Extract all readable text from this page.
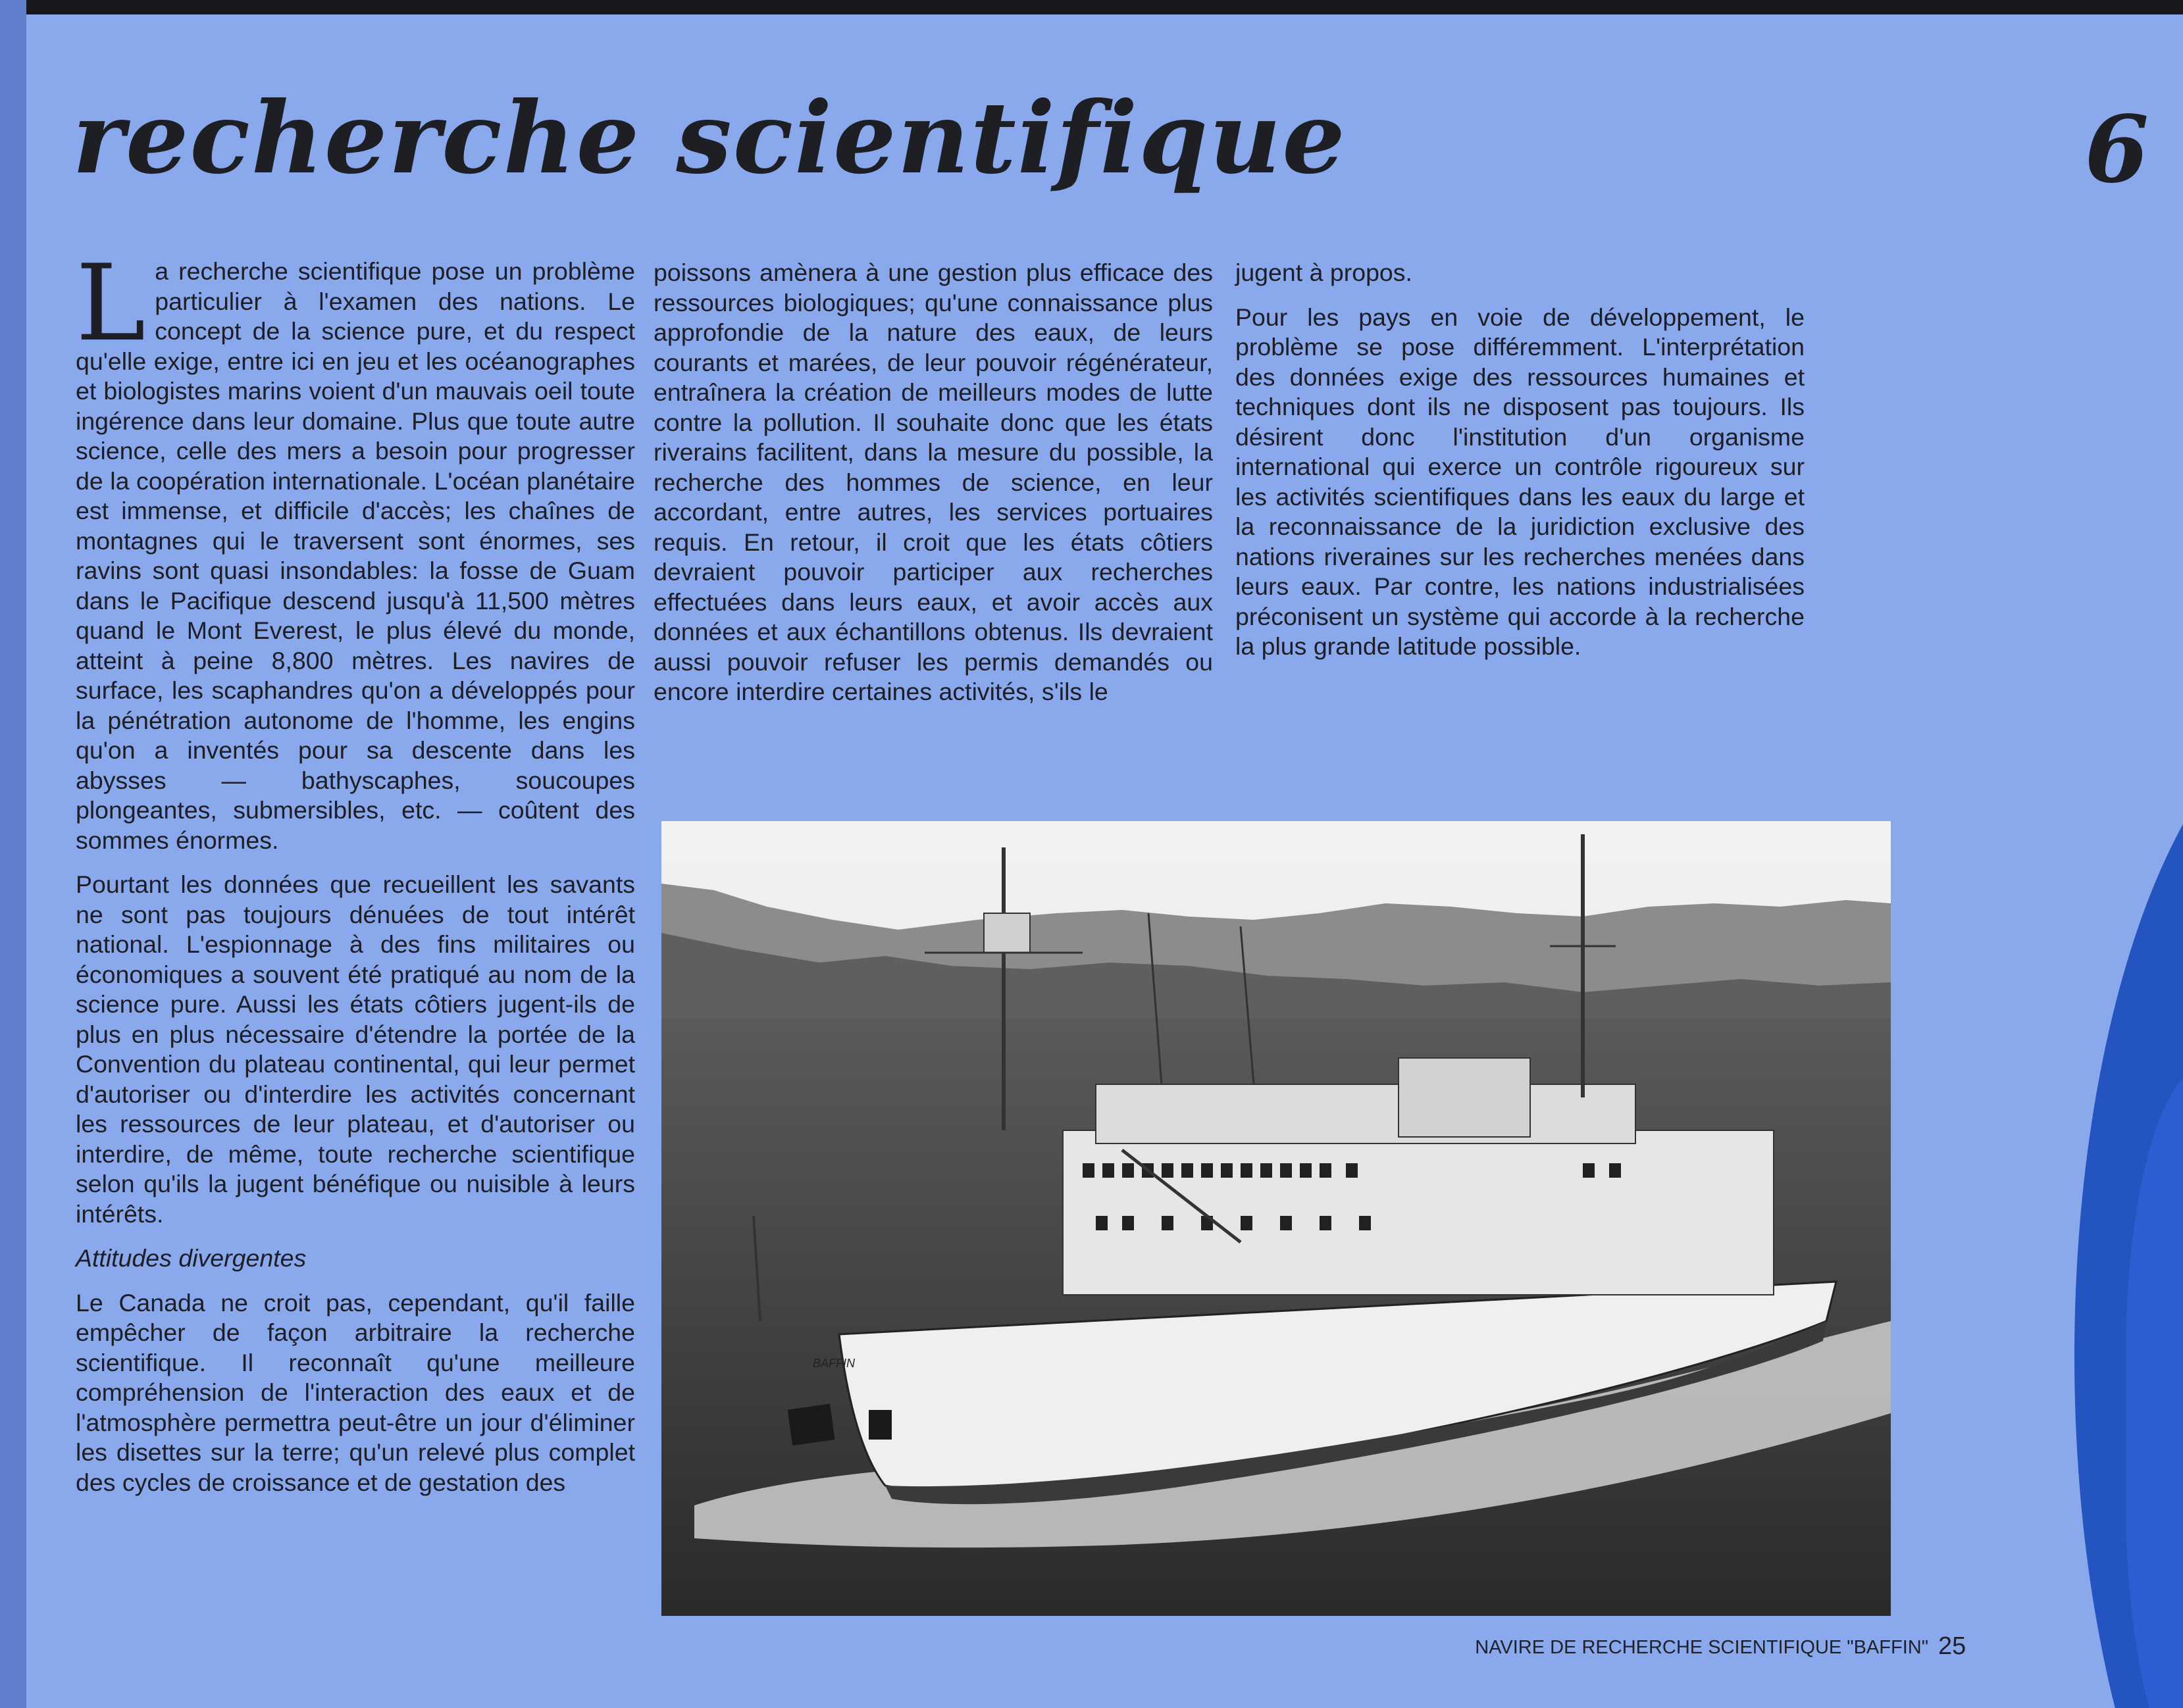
recherche scientifique	6

La recherche scientifique pose un problème particulier à l'examen des nations. Le concept de la science pure, et du respect qu'elle exige, entre ici en jeu et les océanographes et biologistes marins voient d'un mauvais oeil toute ingérence dans leur domaine. Plus que toute autre science, celle des mers a besoin pour progresser de la coopération internationale. L'océan planétaire est immense, et difficile d'accès; les chaînes de montagnes qui le traversent sont énormes, ses ravins sont quasi insondables: la fosse de Guam dans le Pacifique descend jusqu'à 11,500 mètres quand le Mont Everest, le plus élevé du monde, atteint à peine 8,800 mètres. Les navires de surface, les scaphandres qu'on a développés pour la pénétration autonome de l'homme, les engins qu'on a inventés pour sa descente dans les abysses — bathyscaphes, soucoupes plongeantes, submersibles, etc. — coûtent des sommes énormes.

Pourtant les données que recueillent les savants ne sont pas toujours dénuées de tout intérêt national. L'espionnage à des fins militaires ou économiques a souvent été pratiqué au nom de la science pure. Aussi les états côtiers jugent-ils de plus en plus nécessaire d'étendre la portée de la Convention du plateau continental, qui leur permet d'autoriser ou d'interdire les activités concernant les ressources de leur plateau, et d'autoriser ou interdire, de même, toute recherche scientifique selon qu'ils la jugent bénéfique ou nuisible à leurs intérêts.

Attitudes divergentes

Le Canada ne croit pas, cependant, qu'il faille empêcher de façon arbitraire la recherche scientifique. Il reconnaît qu'une meilleure compréhension de l'interaction des eaux et de l'atmosphère permettra peut-être un jour d'éliminer les disettes sur la terre; qu'un relevé plus complet des cycles de croissance et de gestation des

poissons amènera à une gestion plus efficace des ressources biologiques; qu'une connaissance plus approfondie de la nature des eaux, de leurs courants et marées, de leur pouvoir régénérateur, entraînera la création de meilleurs modes de lutte contre la pollution. Il souhaite donc que les états riverains facilitent, dans la mesure du possible, la recherche des hommes de science, en leur accordant, entre autres, les services portuaires requis. En retour, il croit que les états côtiers devraient pouvoir participer aux recherches effectuées dans leurs eaux, et avoir accès aux données et aux échantillons obtenus. Ils devraient aussi pouvoir refuser les permis demandés ou encore interdire certaines activités, s'ils le

jugent à propos.

Pour les pays en voie de développement, le problème se pose différemment. L'interprétation des données exige des ressources humaines et techniques dont ils ne disposent pas toujours. Ils désirent donc l'institution d'un organisme international qui exerce un contrôle rigoureux sur les activités scientifiques dans les eaux du large et la reconnaissance de la juridiction exclusive des nations riveraines sur les recherches menées dans leurs eaux. Par contre, les nations industrialisées préconisent un système qui accorde à la recherche la plus grande latitude possible.

BAFFIN
NAVIRE DE RECHERCHE SCIENTIFIQUE "BAFFIN" 25
